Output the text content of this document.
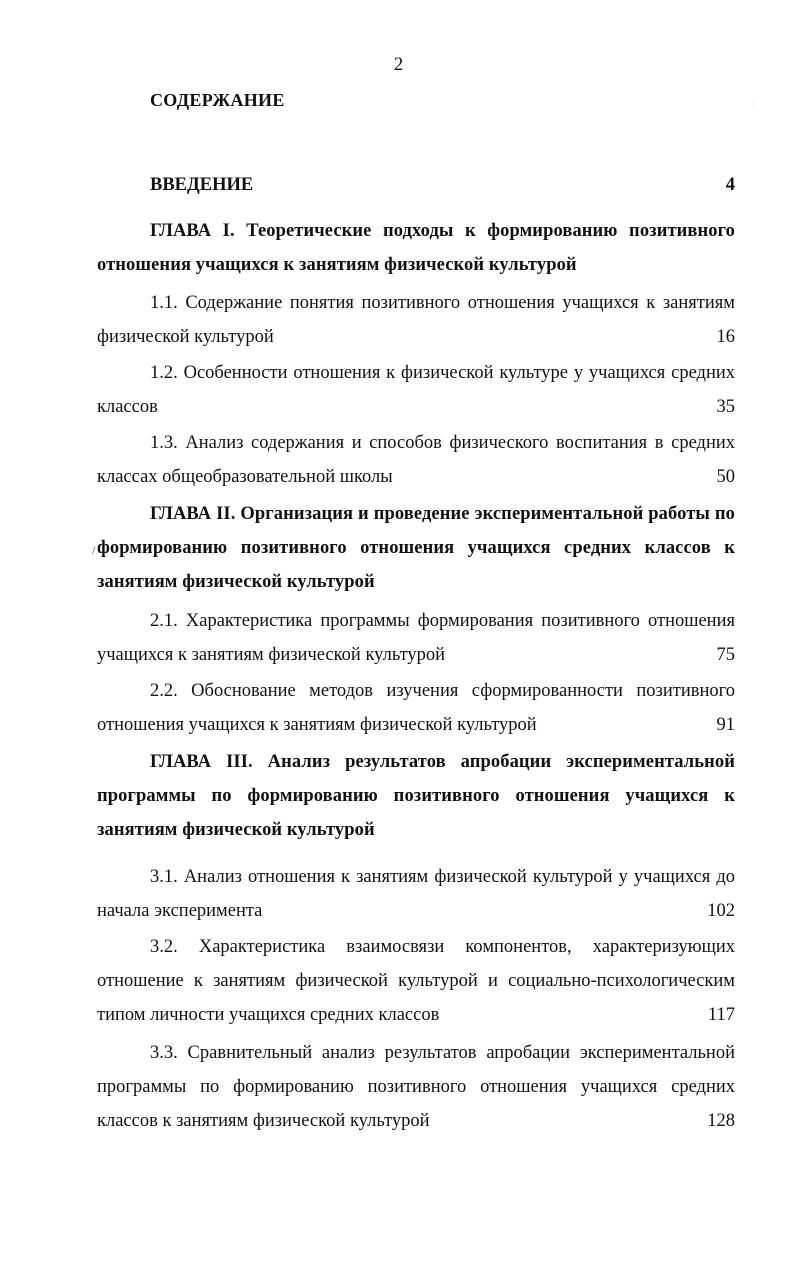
2
СОДЕРЖАНИЕ
ВВЕДЕНИЕ	4
ГЛАВА I. Теоретические подходы к формированию позитивного отношения учащихся к занятиям физической культурой
1.1. Содержание понятия позитивного отношения учащихся к занятиям физической культурой	16
1.2. Особенности отношения к физической культуре у учащихся средних классов	35
1.3. Анализ содержания и способов физического воспитания в средних классах общеобразовательной школы	50
ГЛАВА II. Организация и проведение экспериментальной работы по формированию позитивного отношения учащихся средних классов к занятиям физической культурой
2.1. Характеристика программы формирования позитивного отношения учащихся к занятиям физической культурой	75
2.2. Обоснование методов изучения сформированности позитивного отношения учащихся к занятиям физической культурой	91
ГЛАВА III. Анализ результатов апробации экспериментальной программы по формированию позитивного отношения учащихся к занятиям физической культурой
3.1. Анализ отношения к занятиям физической культурой у учащихся до начала эксперимента	102
3.2. Характеристика взаимосвязи компонентов, характеризующих отношение к занятиям физической культурой и социально-психологическим типом личности учащихся средних классов	117
3.3. Сравнительный анализ результатов апробации экспериментальной программы по формированию позитивного отношения учащихся средних классов к занятиям физической культурой	128
/
·
